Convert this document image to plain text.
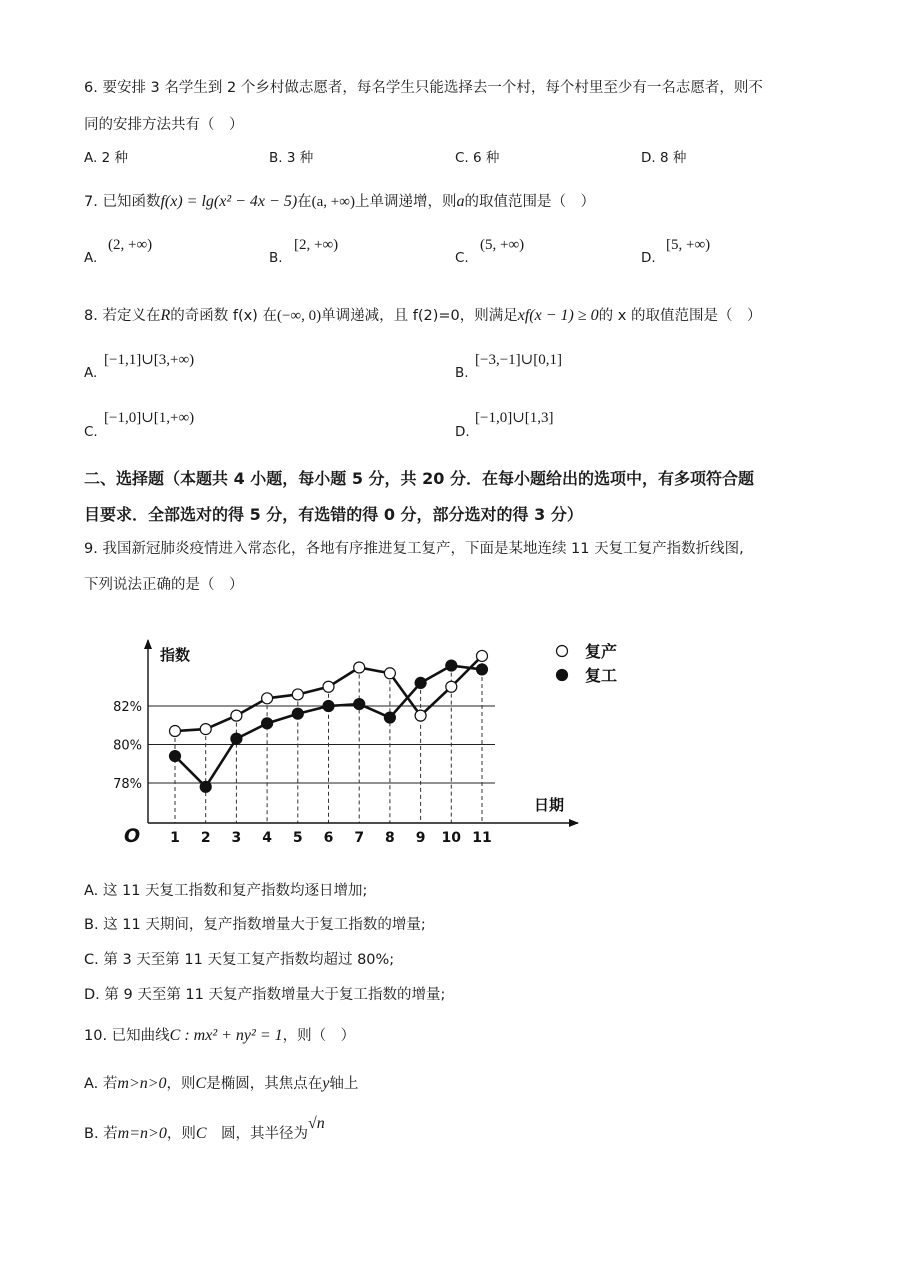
6. 要安排 3 名学生到 2 个乡村做志愿者，每名学生只能选择去一个村，每个村里至少有一名志愿者，则不
同的安排方法共有（　）
A. 2 种	B. 3 种	C. 6 种	D. 8 种
7. 已知函数f(x) = lg(x² − 4x − 5)在(a, +∞)上单调递增，则a的取值范围是（　）
A.
(2, +∞)
B.
[2, +∞)
C.
(5, +∞)
D.
[5, +∞)
8. 若定义在R的奇函数 f(x) 在(−∞, 0)单调递减，且 f(2)=0，则满足xf(x − 1) ≥ 0的 x 的取值范围是（　）
A.
[−1,1]∪[3,+∞)
B.
[−3,−1]∪[0,1]
C.
[−1,0]∪[1,+∞)
D.
[−1,0]∪[1,3]
二、选择题（本题共 4 小题，每小题 5 分，共 20 分．在每小题给出的选项中，有多项符合题
目要求．全部选对的得 5 分，有选错的得 0 分，部分选对的得 3 分）
9. 我国新冠肺炎疫情进入常态化，各地有序推进复工复产，下面是某地连续 11 天复工复产指数折线图,
下列说法正确的是（　）
78%
80%
82%
指数
日期
O 1 2 3 4 5 6 7 8 9 10 11
复产
复工
A. 这 11 天复工指数和复产指数均逐日增加;
B. 这 11 天期间，复产指数增量大于复工指数的增量;
C. 第 3 天至第 11 天复工复产指数均超过 80%;
D. 第 9 天至第 11 天复产指数增量大于复工指数的增量;
10. 已知曲线C : mx² + ny² = 1，则（　）
A. 若m>n>0，则C是椭圆，其焦点在y轴上
B. 若m=n>0，则C　圆，其半径为√n
